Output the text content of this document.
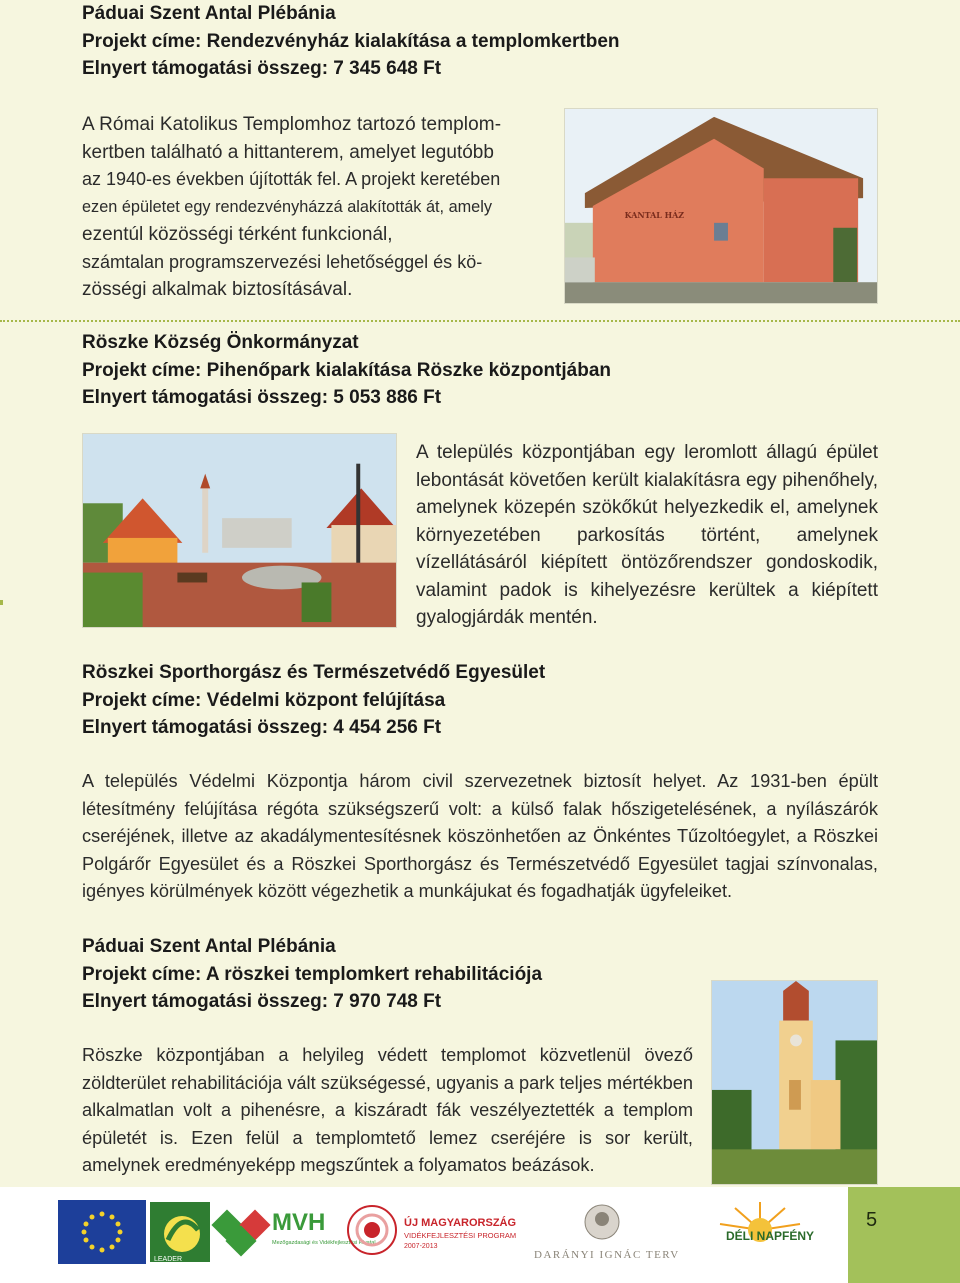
Páduai Szent Antal Plébánia
Projekt címe: Rendezvényház kialakítása a templomkertben
Elnyert támogatási összeg: 7 345 648 Ft
A Római Katolikus Templomhoz tartozó templom-
kertben található a hittanterem, amelyet legutóbb
az 1940-es években újították fel. A projekt keretében
ezen épületet egy rendezvényházzá alakították át, amely
ezentúl közösségi térként funkcionál,
számtalan programszervezési lehetőséggel és kö-
zösségi alkalmak biztosításával.
KANTAL HÁZ
Röszke Község Önkormányzat
Projekt címe: Pihenőpark kialakítása Röszke központjában
Elnyert támogatási összeg: 5 053 886 Ft
A település központjában egy leromlott állagú épület lebontását követően került kialakításra egy pihenőhely, amelynek közepén szökőkút helyezkedik el, amelynek környezetében parkosítás történt, amelynek vízellátásáról kiépített öntözőrendszer gondoskodik, valamint padok is kihelyezésre kerültek a kiépített gyalogjárdák mentén.
Röszkei Sporthorgász és Természetvédő Egyesület
Projekt címe: Védelmi központ felújítása
Elnyert támogatási összeg: 4 454 256 Ft
A település Védelmi Központja három civil szervezetnek biztosít helyet. Az 1931-ben épült létesítmény felújítása régóta szükségszerű volt: a külső falak hőszigetelésének, a nyílászárók cseréjének, illetve az akadálymentesítésnek köszönhetően az Önkéntes Tűzoltóegylet, a Röszkei Polgárőr Egyesület és a Röszkei Sporthorgász és Természetvédő Egyesület tagjai színvonalas, igényes körülmények között végezhetik a munkájukat és fogadhatják ügyfeleiket.
Páduai Szent Antal Plébánia
Projekt címe: A röszkei templomkert rehabilitációja
Elnyert támogatási összeg: 7 970 748 Ft
Röszke központjában a helyileg védett templomot közvetlenül övező zöldterület rehabilitációja vált szükségessé, ugyanis a park teljes mértékben alkalmatlan volt a pihenésre, a kiszáradt fák veszélyeztették a templom épületét is. Ezen felül a templomtető lemez cseréjére is sor került, amelynek eredményeképp megszűntek a folyamatos beázások.
LEADER
MVH
Mezőgazdasági és Vidékfejlesztési Hivatal
ÚJ MAGYARORSZÁG
VIDÉKFEJLESZTÉSI PROGRAM
2007-2013
DARÁNYI IGNÁC TERV
DÉLI NAPFÉNY
5
